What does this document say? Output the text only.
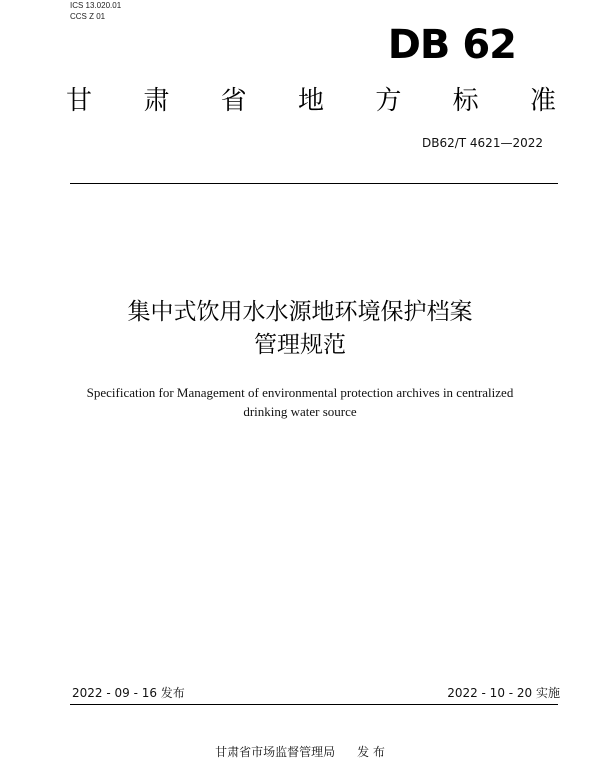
ICS 13.020.01
CCS Z 01
DB 62
甘 肃 省 地 方 标 准
DB62/T 4621—2022
集中式饮用水水源地环境保护档案
管理规范
Specification for Management of environmental protection archives in centralized
drinking water source
2022 - 09 - 16 发布	2022 - 10 - 20 实施
甘肃省市场监督管理局 发 布
